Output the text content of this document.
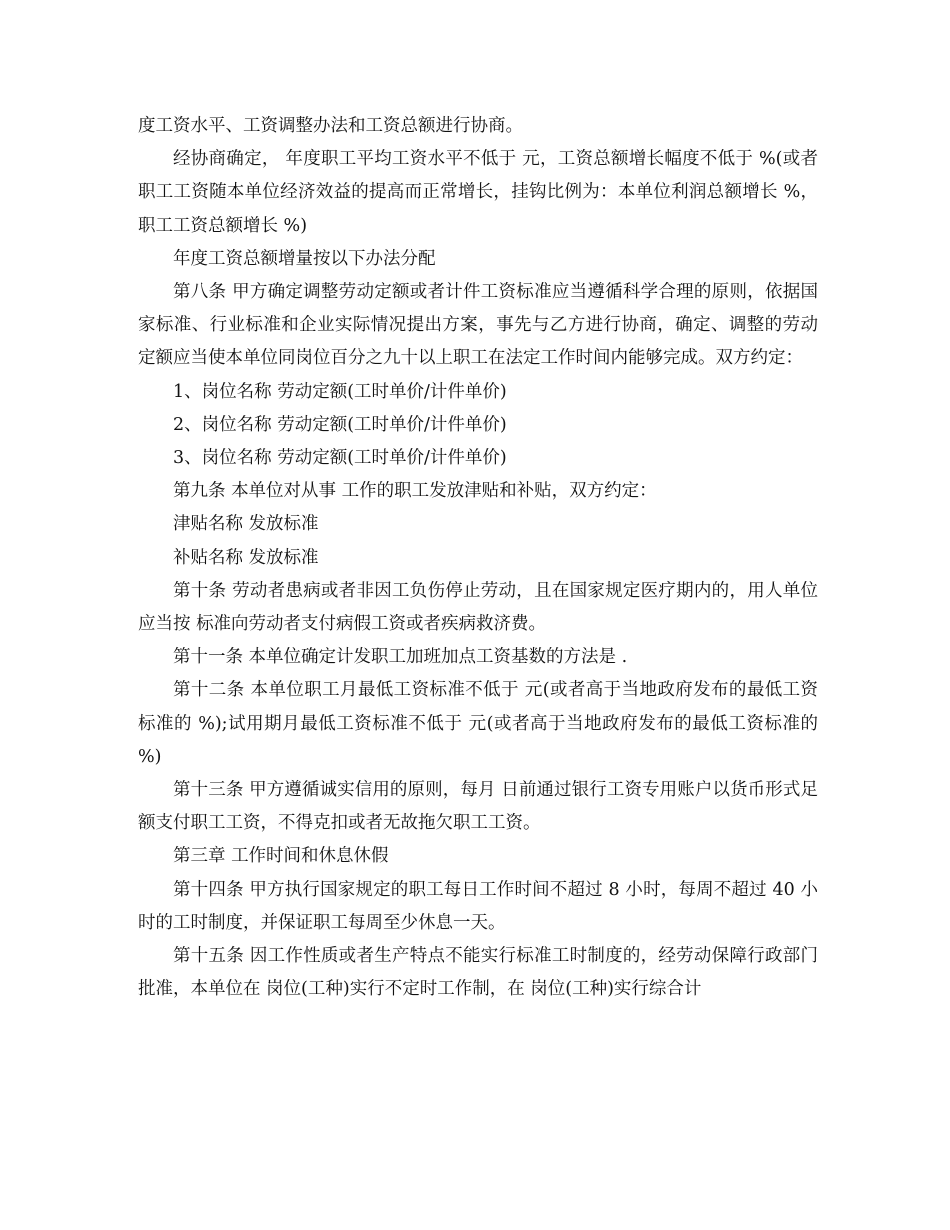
度工资水平、工资调整办法和工资总额进行协商。

经协商确定， 年度职工平均工资水平不低于 元，工资总额增长幅度不低于 %(或者职工工资随本单位经济效益的提高而正常增长，挂钩比例为：本单位利润总额增长 %，职工工资总额增长 %)

年度工资总额增量按以下办法分配

第八条 甲方确定调整劳动定额或者计件工资标准应当遵循科学合理的原则，依据国家标准、行业标准和企业实际情况提出方案，事先与乙方进行协商，确定、调整的劳动定额应当使本单位同岗位百分之九十以上职工在法定工作时间内能够完成。双方约定：

1、岗位名称 劳动定额(工时单价/计件单价)

2、岗位名称 劳动定额(工时单价/计件单价)

3、岗位名称 劳动定额(工时单价/计件单价)

第九条 本单位对从事 工作的职工发放津贴和补贴，双方约定：

津贴名称 发放标准

补贴名称 发放标准

第十条 劳动者患病或者非因工负伤停止劳动，且在国家规定医疗期内的，用人单位应当按 标准向劳动者支付病假工资或者疾病救济费。

第十一条 本单位确定计发职工加班加点工资基数的方法是 .

第十二条 本单位职工月最低工资标准不低于 元(或者高于当地政府发布的最低工资标准的 %);试用期月最低工资标准不低于 元(或者高于当地政府发布的最低工资标准的 %)

第十三条 甲方遵循诚实信用的原则，每月 日前通过银行工资专用账户以货币形式足额支付职工工资，不得克扣或者无故拖欠职工工资。

第三章 工作时间和休息休假

第十四条 甲方执行国家规定的职工每日工作时间不超过 8 小时，每周不超过 40 小时的工时制度，并保证职工每周至少休息一天。

第十五条 因工作性质或者生产特点不能实行标准工时制度的，经劳动保障行政部门批准，本单位在 岗位(工种)实行不定时工作制，在 岗位(工种)实行综合计
